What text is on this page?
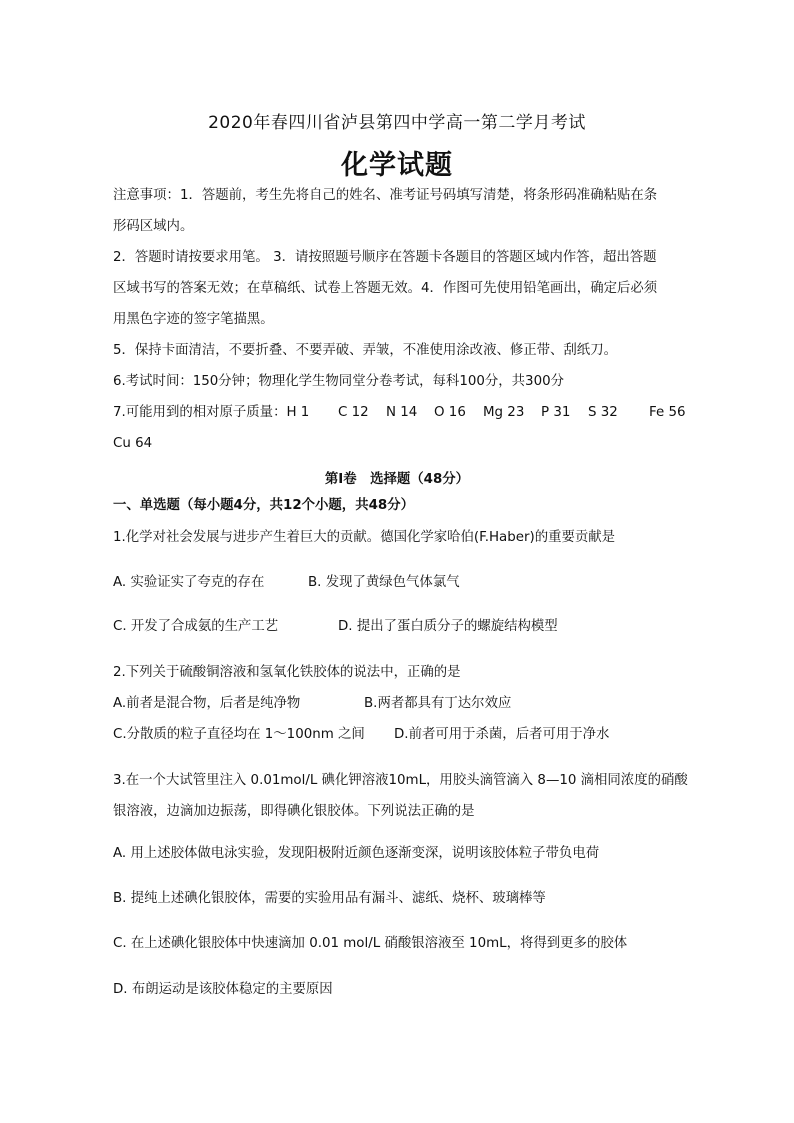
2020年春四川省泸县第四中学高一第二学月考试
化学试题
注意事项：1．答题前，考生先将自己的姓名、准考证号码填写清楚，将条形码准确粘贴在条
形码区域内。
2．答题时请按要求用笔。 3．请按照题号顺序在答题卡各题目的答题区域内作答，超出答题
区域书写的答案无效；在草稿纸、试卷上答题无效。4．作图可先使用铅笔画出，确定后必须
用黑色字迹的签字笔描黑。
5．保持卡面清洁，不要折叠、不要弄破、弄皱，不准使用涂改液、修正带、刮纸刀。
6.考试时间：150分钟；物理化学生物同堂分卷考试，每科100分，共300分
7.可能用到的相对原子质量：H 1 C 12 N 14 O 16 Mg 23 P 31 S 32 Fe 56
Cu 64
第Ⅰ卷　选择题（48分）
一、单选题（每小题4分，共12个小题，共48分）
1.化学对社会发展与进步产生着巨大的贡献。德国化学家哈伯(F.Haber)的重要贡献是
A. 实验证实了夸克的存在	B. 发现了黄绿色气体氯气
C. 开发了合成氨的生产工艺	D. 提出了蛋白质分子的螺旋结构模型
2.下列关于硫酸铜溶液和氢氧化铁胶体的说法中，正确的是
A.前者是混合物，后者是纯净物	B.两者都具有丁达尔效应
C.分散质的粒子直径均在 1～100nm 之间 D.前者可用于杀菌，后者可用于净水
3.在一个大试管里注入 0.01mol/L 碘化钾溶液10mL，用胶头滴管滴入 8—10 滴相同浓度的硝酸
银溶液，边滴加边振荡，即得碘化银胶体。下列说法正确的是
A. 用上述胶体做电泳实验，发现阳极附近颜色逐渐变深，说明该胶体粒子带负电荷
B. 提纯上述碘化银胶体，需要的实验用品有漏斗、滤纸、烧杯、玻璃棒等
C. 在上述碘化银胶体中快速滴加 0.01 mol/L 硝酸银溶液至 10mL，将得到更多的胶体
D. 布朗运动是该胶体稳定的主要原因
